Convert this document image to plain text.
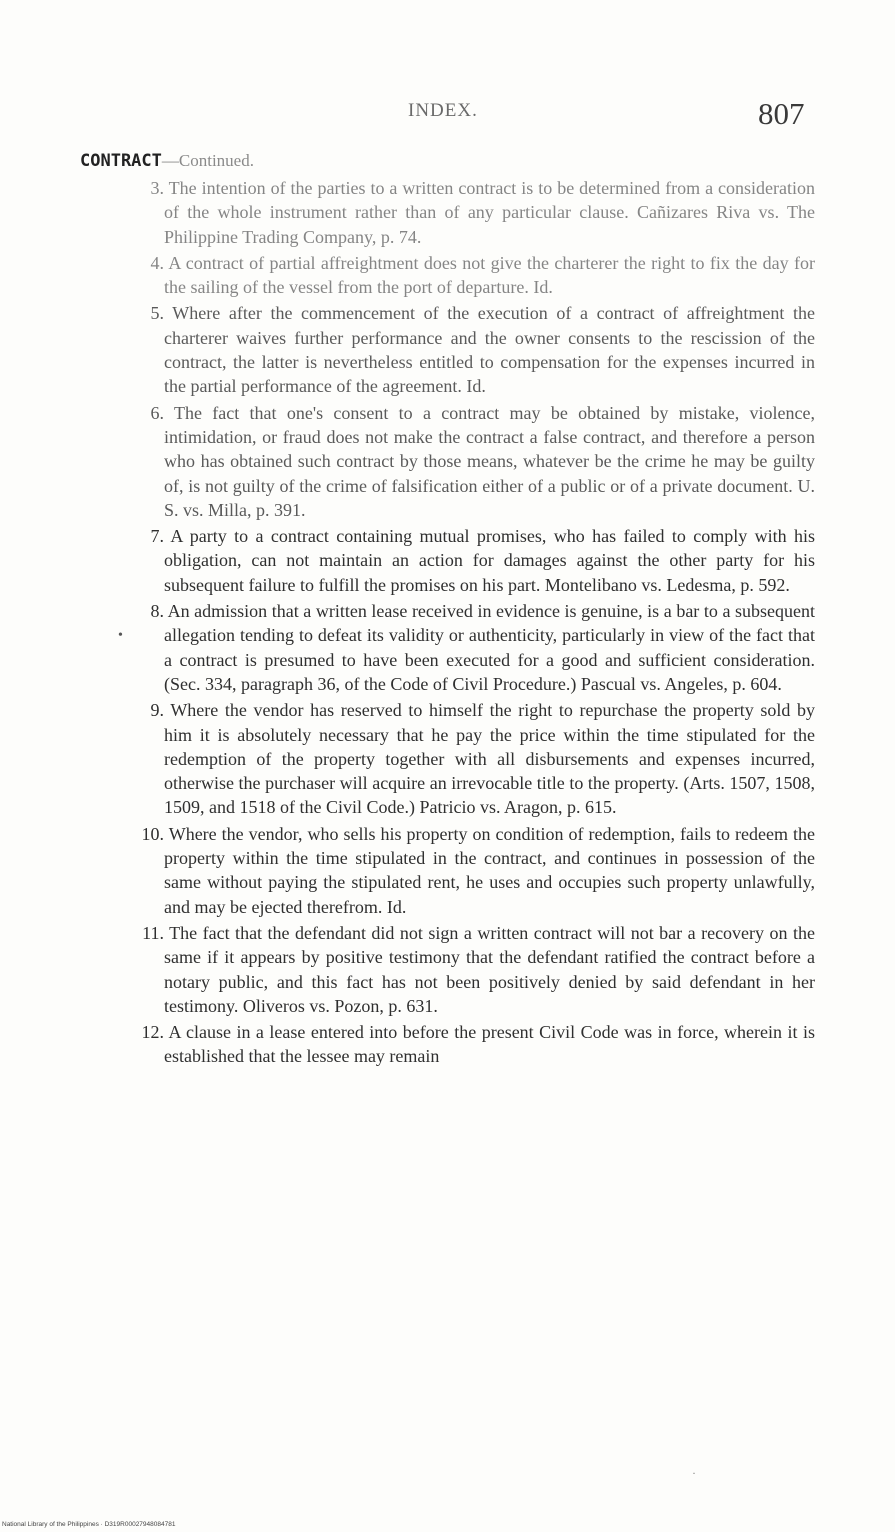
INDEX.	807
CONTRACT—Continued.

3. The intention of the parties to a written contract is to be determined from a consideration of the whole instrument rather than of any particular clause. Cañizares Riva vs. The Philippine Trading Company, p. 74.

4. A contract of partial affreightment does not give the charterer the right to fix the day for the sailing of the vessel from the port of departure. Id.

5. Where after the commencement of the execution of a contract of affreightment the charterer waives further performance and the owner consents to the rescission of the contract, the latter is nevertheless entitled to compensation for the expenses incurred in the partial performance of the agreement. Id.

6. The fact that one's consent to a contract may be obtained by mistake, violence, intimidation, or fraud does not make the contract a false contract, and therefore a person who has obtained such contract by those means, whatever be the crime he may be guilty of, is not guilty of the crime of falsification either of a public or of a private document. U. S. vs. Milla, p. 391.

7. A party to a contract containing mutual promises, who has failed to comply with his obligation, can not maintain an action for damages against the other party for his subsequent failure to fulfill the promises on his part. Montelibano vs. Ledesma, p. 592.

8. An admission that a written lease received in evidence is genuine, is a bar to a subsequent allegation tending to defeat its validity or authenticity, particularly in view of the fact that a contract is presumed to have been executed for a good and sufficient consideration. (Sec. 334, paragraph 36, of the Code of Civil Procedure.) Pascual vs. Angeles, p. 604.

9. Where the vendor has reserved to himself the right to repurchase the property sold by him it is absolutely necessary that he pay the price within the time stipulated for the redemption of the property together with all disbursements and expenses incurred, otherwise the purchaser will acquire an irrevocable title to the property. (Arts. 1507, 1508, 1509, and 1518 of the Civil Code.) Patricio vs. Aragon, p. 615.

10. Where the vendor, who sells his property on condition of redemption, fails to redeem the property within the time stipulated in the contract, and continues in possession of the same without paying the stipulated rent, he uses and occupies such property unlawfully, and may be ejected therefrom. Id.

11. The fact that the defendant did not sign a written contract will not bar a recovery on the same if it appears by positive testimony that the defendant ratified the contract before a notary public, and this fact has not been positively denied by said defendant in her testimony. Oliveros vs. Pozon, p. 631.

12. A clause in a lease entered into before the present Civil Code was in force, wherein it is established that the lessee may remain

•
·
National Library of the Philippines · D319R00027948084781
